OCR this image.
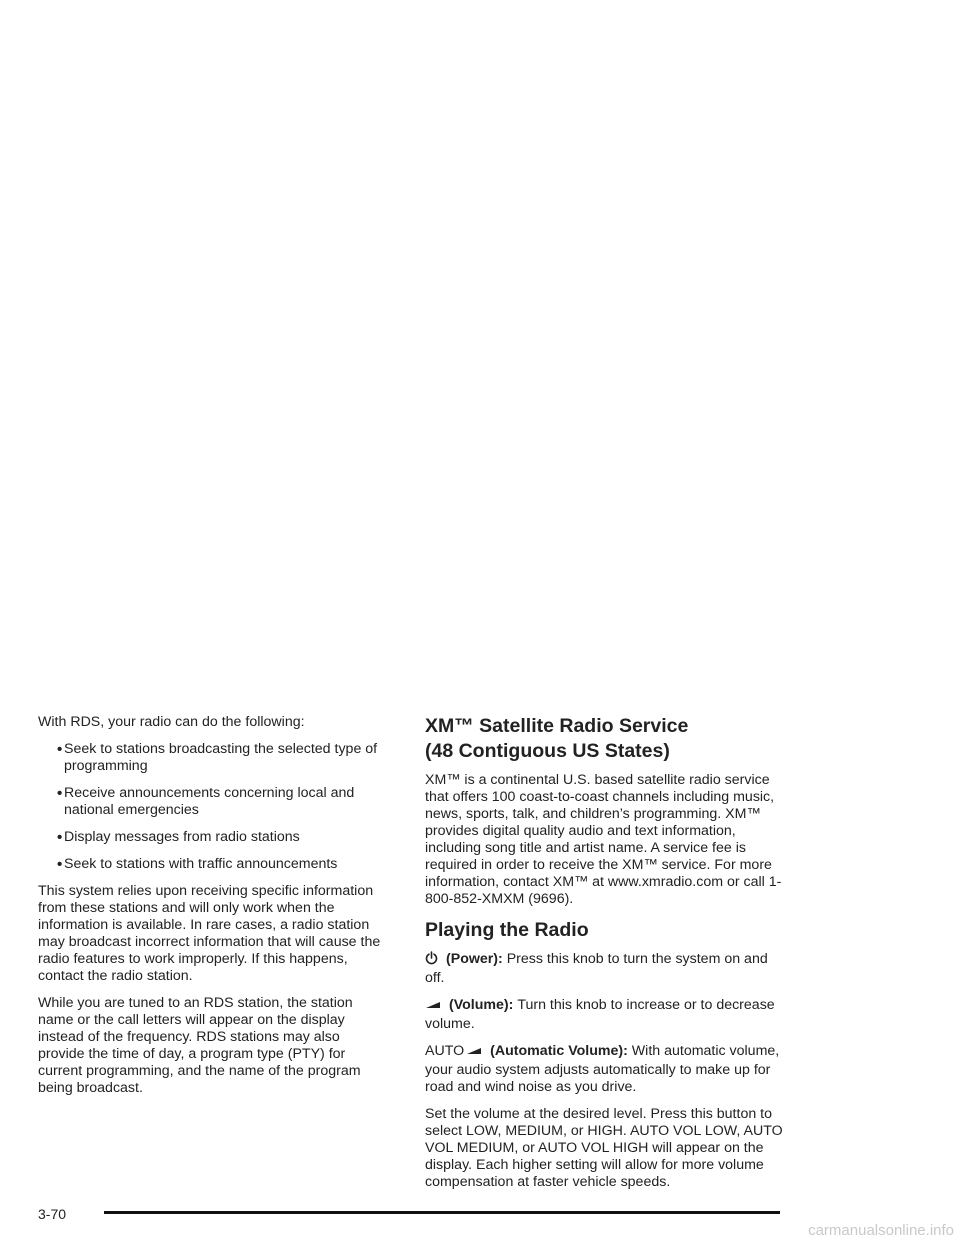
With RDS, your radio can do the following:

• Seek to stations broadcasting the selected type of programming
• Receive announcements concerning local and national emergencies
• Display messages from radio stations
• Seek to stations with traffic announcements

This system relies upon receiving specific information from these stations and will only work when the information is available. In rare cases, a radio station may broadcast incorrect information that will cause the radio features to work improperly. If this happens, contact the radio station.

While you are tuned to an RDS station, the station name or the call letters will appear on the display instead of the frequency. RDS stations may also provide the time of day, a program type (PTY) for current programming, and the name of the program being broadcast.

XM™ Satellite Radio Service
(48 Contiguous US States)

XM™ is a continental U.S. based satellite radio service that offers 100 coast-to-coast channels including music, news, sports, talk, and children’s programming. XM™ provides digital quality audio and text information, including song title and artist name. A service fee is required in order to receive the XM™ service. For more information, contact XM™ at www.xmradio.com or call 1-800-852-XMXM (9696).

Playing the Radio

(Power): Press this knob to turn the system on and off.

(Volume): Turn this knob to increase or to decrease volume.

AUTO (Automatic Volume): With automatic volume, your audio system adjusts automatically to make up for road and wind noise as you drive.

Set the volume at the desired level. Press this button to select LOW, MEDIUM, or HIGH. AUTO VOL LOW, AUTO VOL MEDIUM, or AUTO VOL HIGH will appear on the display. Each higher setting will allow for more volume compensation at faster vehicle speeds.

3-70
carmanualsonline.info
